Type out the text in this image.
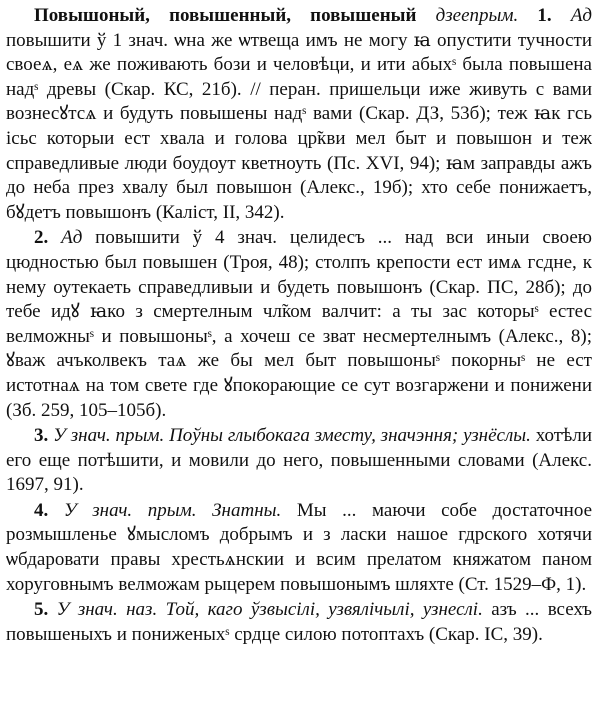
Повышоный, повышенный, повышеный дзеепрым. 1. Ад повышити ў 1 знач. ѡна же ѡтвеща имъ не могу ꙗ опустити тучности своеѧ, еѧ же поживають бози и человѣци, и ити абыхˢ была повышена надˢ древы (Скар. КС, 21б). // перан. пришельци иже живуть с вами вознесꙋтсѧ и будуть повышены надˢ вами (Скар. ДЗ, 53б); теж ꙗк гсь ісьс которыи ест хвала и голова цр̃кви мел быт и повышон и теж справедливые люди боудоут кветноуть (Пс. XVI, 94); ꙗм заправды ажъ до неба през хвалу был повышон (Алекс., 19б); хто себе понижаетъ, бꙋдетъ повышонъ (Калiст, II, 342).

2. Ад повышити ў 4 знач. целидесъ ... над вси иныи своею цюдностью был повышен (Троя, 48); столпъ крепости ест имѧ гсдне, к нему оутекаеть справедливыи и будеть повышонъ (Скар. ПС, 28б); до тебе идꙋ ꙗко з смертелным чл̃ком валчит: а ты зас которыˢ естес велможныˢ и повышоныˢ, а хочеш се зват несмертелнымъ (Алекс., 8); ꙋваж ачъколвекъ таѧ же бы мел быт повышоныˢ покорныˢ не ест истотнаѧ на том свете где ꙋпокорающие се сут возгаржени и понижени (Зб. 259, 105–105б).

3. У знач. прым. Поўны глыбокага зместу, значэння; узнёслы. хотѣли его еще потѣшити, и мовили до него, повышенными словами (Алекс. 1697, 91).

4. У знач. прым. Знатны. Мы ... маючи собе достаточное розмышленье ꙋмысломъ добрымъ и з ласки нашое гдрского хотячи ѡбдаровати правы хрестьѧнскии и всим прелатом княжатом паном хоруговнымъ велможам рыцерем повышонымъ шляхте (Ст. 1529–Ф, 1).

5. У знач. наз. Той, каго ўзвысілі, узвялічылі, узнеслі. азъ ... всехъ повышеныхъ и пониженыхˢ срдце силою потоптахъ (Скар. ІС, 39).
